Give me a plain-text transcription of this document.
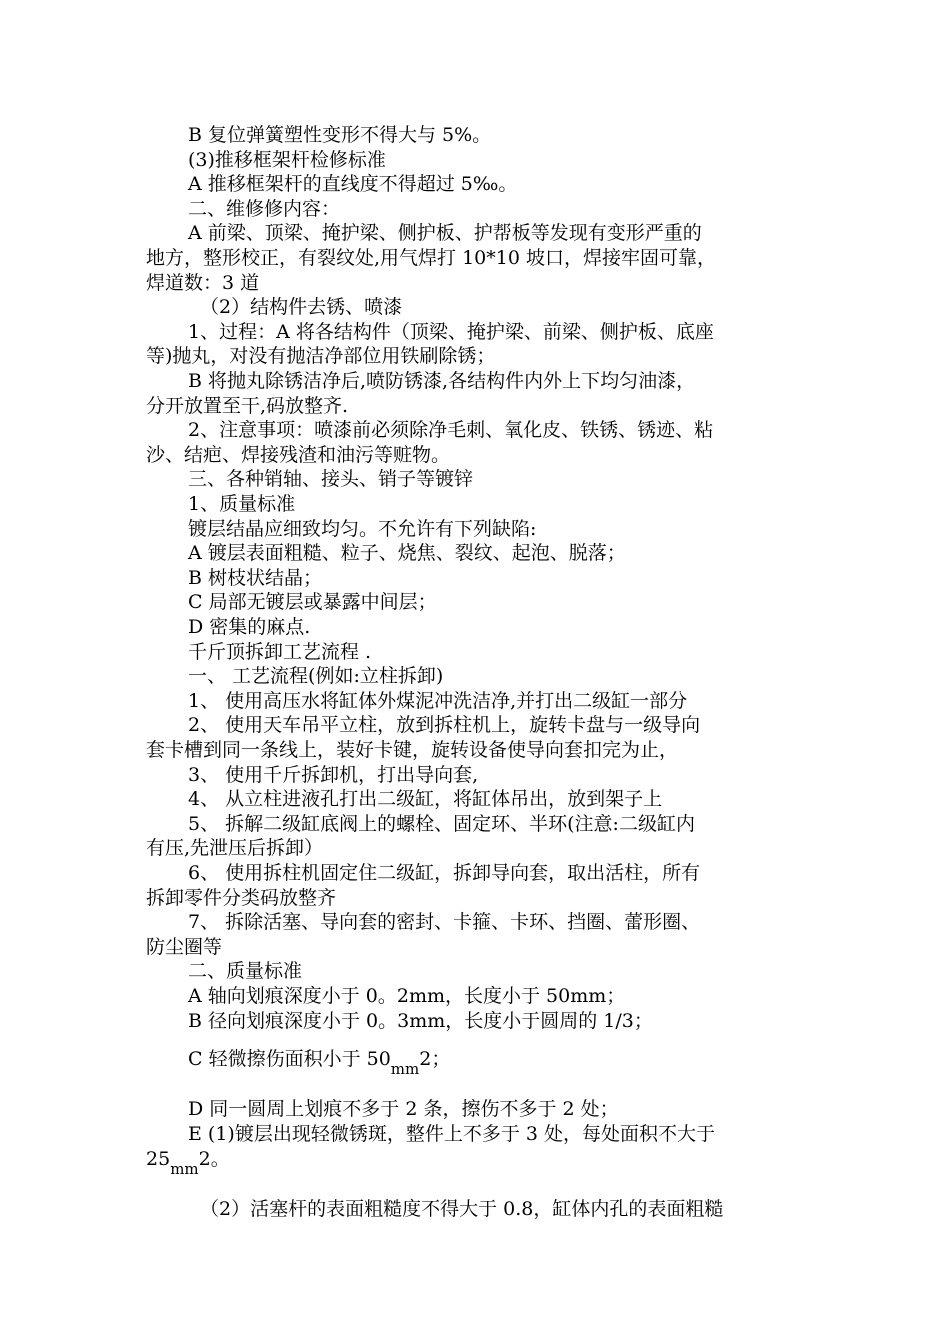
B 复位弹簧塑性变形不得大与 5%。
(3)推移框架杆检修标准
A 推移框架杆的直线度不得超过 5‰。
二、维修修内容：
A 前梁、顶梁、掩护梁、侧护板、护帮板等发现有变形严重的
地方，整形校正，有裂纹处,用气焊打 10*10 坡口，焊接牢固可靠，
焊道数：3 道
（2）结构件去锈、喷漆
1、过程：A 将各结构件（顶梁、掩护梁、前梁、侧护板、底座
等)抛丸，对没有抛洁净部位用铁刷除锈；
B 将抛丸除锈洁净后,喷防锈漆,各结构件内外上下均匀油漆，
分开放置至干,码放整齐.
2、注意事项：喷漆前必须除净毛刺、氧化皮、铁锈、锈迹、粘
沙、结疤、焊接残渣和油污等赃物。
三、各种销轴、接头、销子等镀锌
1、质量标准
镀层结晶应细致均匀。不允许有下列缺陷:
A 镀层表面粗糙、粒子、烧焦、裂纹、起泡、脱落；
B 树枝状结晶；
C 局部无镀层或暴露中间层；
D 密集的麻点.
千斤顶拆卸工艺流程 .
一、 工艺流程(例如:立柱拆卸)
1、 使用高压水将缸体外煤泥冲洗洁净,并打出二级缸一部分
2、 使用天车吊平立柱，放到拆柱机上，旋转卡盘与一级导向
套卡槽到同一条线上，装好卡键，旋转设备使导向套扣完为止，
3、 使用千斤拆卸机，打出导向套,
4、 从立柱进液孔打出二级缸，将缸体吊出，放到架子上
5、 拆解二级缸底阀上的螺栓、固定环、半环(注意:二级缸内
有压,先泄压后拆卸）
6、 使用拆柱机固定住二级缸，拆卸导向套，取出活柱，所有
拆卸零件分类码放整齐
7、 拆除活塞、导向套的密封、卡箍、卡环、挡圈、蕾形圈、
防尘圈等
二、质量标准
A 轴向划痕深度小于 0。2mm，长度小于 50mm；
B 径向划痕深度小于 0。3mm，长度小于圆周的 1/3；
C 轻微擦伤面积小于 50mm2；
D 同一圆周上划痕不多于 2 条，擦伤不多于 2 处；
E (1)镀层出现轻微锈斑，整件上不多于 3 处，每处面积不大于
25mm2。
（2）活塞杆的表面粗糙度不得大于 0.8，缸体内孔的表面粗糙
